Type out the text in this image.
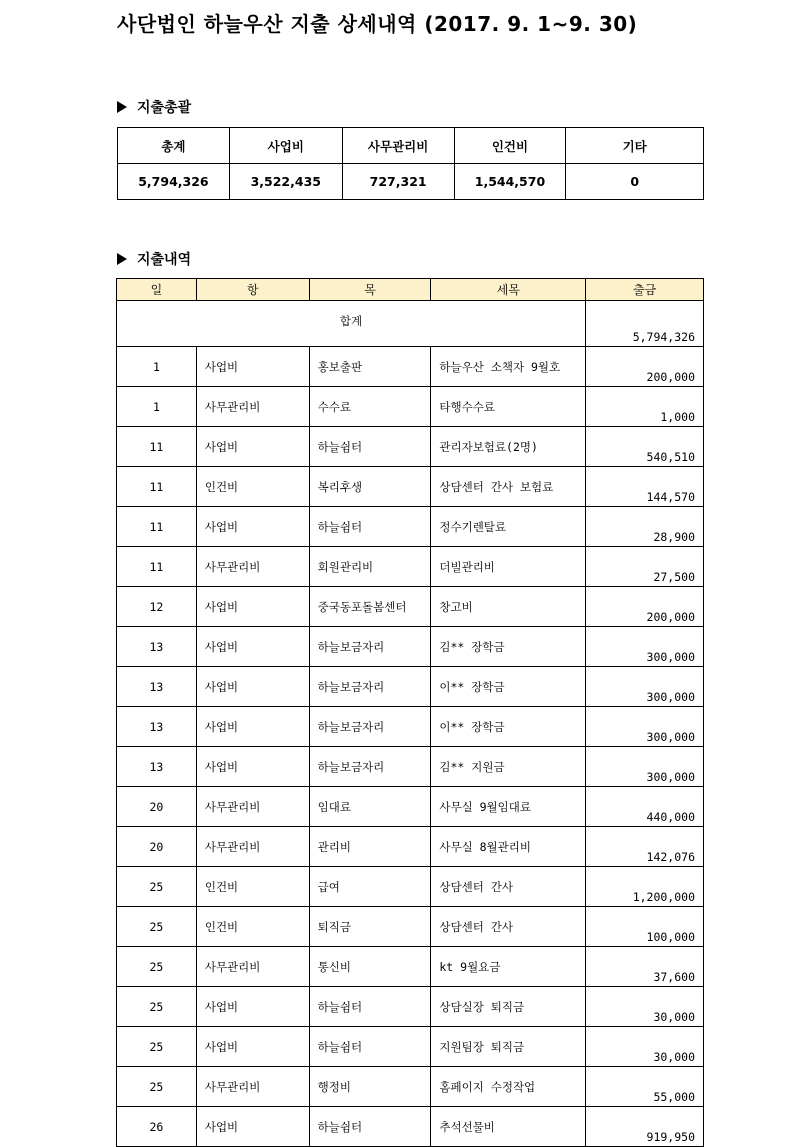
사단법인 하늘우산 지출 상세내역 (2017. 9. 1~9. 30)
지출총괄
총계	사업비	사무관리비	인건비	기타
5,794,326	3,522,435	727,321	1,544,570	0
지출내역
일	항	목	세목	출금
합계				5,794,326
1	사업비	홍보출판	하늘우산 소책자 9월호	200,000
1	사무관리비	수수료	타행수수료	1,000
11	사업비	하늘쉼터	관리자보험료(2명)	540,510
11	인건비	복리후생	상담센터 간사 보험료	144,570
11	사업비	하늘쉼터	정수기렌탈료	28,900
11	사무관리비	회원관리비	더빌관리비	27,500
12	사업비	중국동포돌봄센터	창고비	200,000
13	사업비	하늘보금자리	김** 장학금	300,000
13	사업비	하늘보금자리	이** 장학금	300,000
13	사업비	하늘보금자리	이** 장학금	300,000
13	사업비	하늘보금자리	김** 지원금	300,000
20	사무관리비	임대료	사무실 9월임대료	440,000
20	사무관리비	관리비	사무실 8월관리비	142,076
25	인건비	급여	상담센터 간사	1,200,000
25	인건비	퇴직금	상담센터 간사	100,000
25	사무관리비	통신비	kt 9월요금	37,600
25	사업비	하늘쉼터	상담실장 퇴직금	30,000
25	사업비	하늘쉼터	지원팀장 퇴직금	30,000
25	사무관리비	행정비	홈페이지 수정작업	55,000
26	사업비	하늘쉼터	추석선물비	919,950
